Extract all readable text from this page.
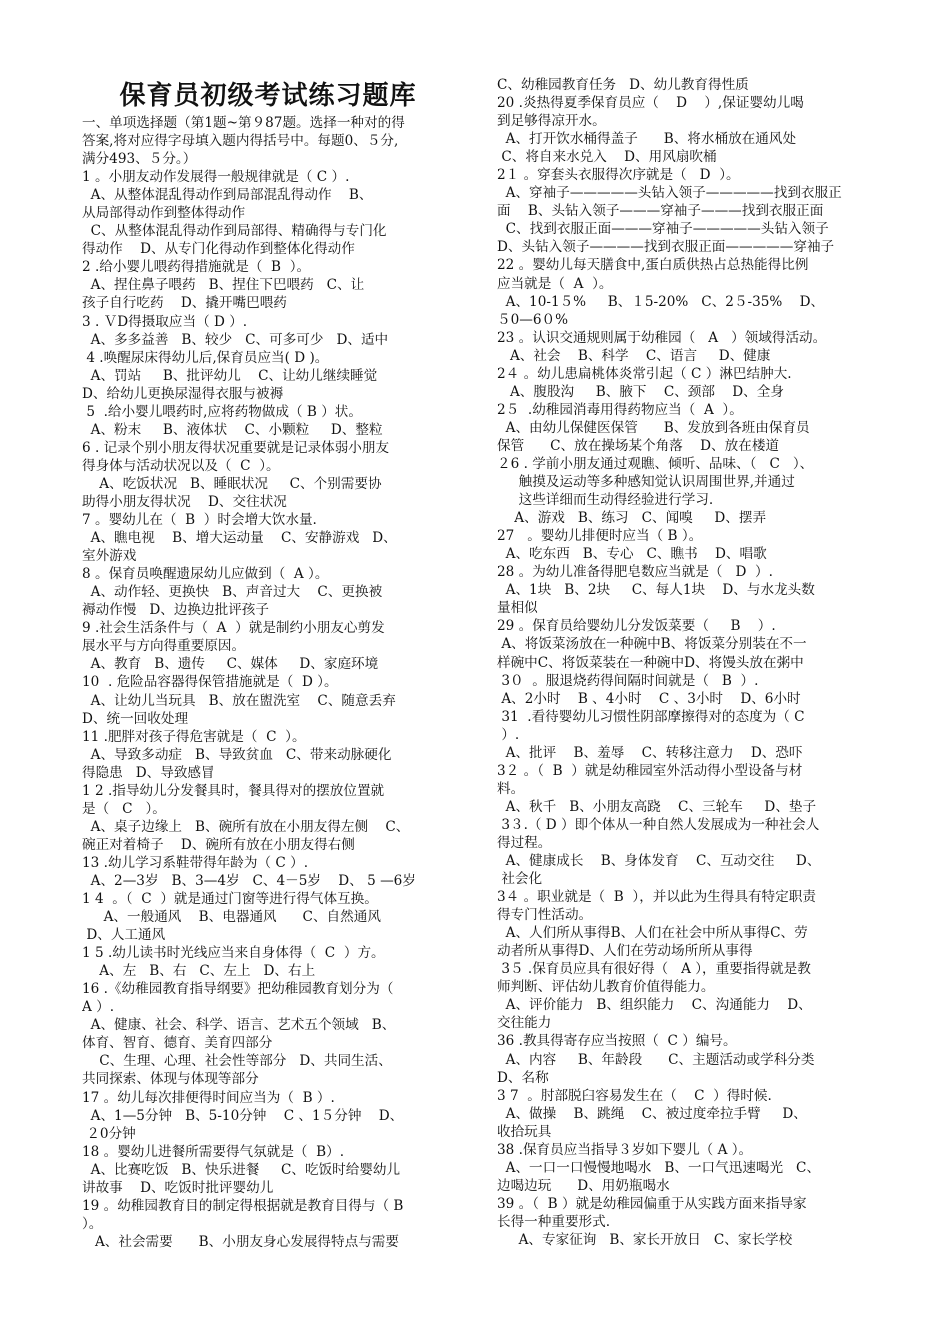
保育员初级考试练习题库
一、单项选择题（第1题~第９87题。选择一种对的得
答案,将对应得字母填入题内得括号中。每题0、５分,
满分493、５分。）
1 。小朋友动作发展得一般规律就是（ C ）.
A、从整体混乱得动作到局部混乱得动作    B、
从局部得动作到整体得动作
C、从整体混乱得动作到局部得、精确得与专门化
得动作    D、从专门化得动作到整体化得动作
2 .给小婴儿喂药得措施就是（  B  ）。
A、捏住鼻子喂药   B、捏住下巴喂药   C、让
孩子自行吃药    D、撬开嘴巴喂药
3 . ＶD得摄取应当（ D ）.
A、多多益善   B、较少   C、可多可少   D、适中
4 .唤醒尿床得幼儿后,保育员应当( D )。
A、罚站     B、批评幼儿    C、让幼儿继续睡觉
D、给幼儿更换尿湿得衣服与被褥
5  .给小婴儿喂药时,应将药物做成（ B ）状。
A、粉末     B、液体状    C、小颗粒     D、整粒
6 . 记录个别小朋友得状况重要就是记录体弱小朋友
得身体与活动状况以及（  C  ）。
A、吃饭状况   B、睡眠状况     C、个别需要协
助得小朋友得状况    D、交往状况
7 。婴幼儿在（  B  ）时会增大饮水量.
A、瞧电视    B、增大运动量    C、安静游戏   D、
室外游戏
8 。保育员唤醒遗尿幼儿应做到（  A ）。
A、动作轻、更换快   B、声音过大    C、更换被
褥动作慢   D、边换边批评孩子
9 .社会生活条件与（  A  ）就是制约小朋友心剪发
展水平与方向得重要原因。
A、教育   B、遗传     C、媒体     D、家庭环境
10  . 危险品容器得保管措施就是（  D ）。
A、让幼儿当玩具   B、放在盥洗室    C、随意丢弃
D、统一回收处理
11 .肥胖对孩子得危害就是（  C  ）。
A、导致多动症   B、导致贫血   C、带来动脉硬化
得隐患   D、导致感冒
1 2 .指导幼儿分发餐具时，餐具得对的摆放位置就
是（   C   ）。
A、桌子边缘上   B、碗所有放在小朋友得左侧    C、
碗正对着椅子    D、碗所有放在小朋友得右侧
13 .幼儿学习系鞋带得年龄为（ C ）.
A、2—3岁   B、3—4岁   C、4－5岁    D、 5 —6岁
1 4  。（  C  ）就是通过门窗等进行得气体互换。
A、一般通风    B、电器通风      C、自然通风
D、人工通风
1 5 .幼儿读书时光线应当来自身体得（  C  ）方。
A、左   B、右   C、左上   D、右上
16 .《幼稚园教育指导纲要》把幼稚园教育划分为（
A ）.
A、健康、社会、科学、语言、艺术五个领域   B、
体育、智育、德育、美育四部分
C、生理、心理、社会性等部分   D、共同生活、
共同探索、体现与体现等部分
17 。幼儿每次排便得时间应当为（  B ）.
A、1—5分钟   B、5-10分钟    C 、1５分钟    D、
２0分钟
18 。婴幼儿进餐所需要得气氛就是（  B）.
A、比赛吃饭   B、快乐进餐     C、吃饭时给婴幼儿
讲故事    D、吃饭时批评婴幼儿
19 。幼稚园教育目的制定得根据就是教育目得与（ B
）。
A、社会需要      B、小朋友身心发展得特点与需要
C、幼稚园教育任务   D、幼儿教育得性质
20 .炎热得夏季保育员应（    D    ）,保证婴幼儿喝
到足够得凉开水。
A、打开饮水桶得盖子      B、将水桶放在通风处
C、将自来水兑入    D、用风扇吹桶
2１ 。穿套头衣服得次序就是（   D  ）。
A、穿袖子—————头钻入领子—————找到衣服正
面    B、头钻入领子———穿袖子———找到衣服正面
C、找到衣服正面———穿袖子—————头钻入领子
D、头钻入领子————找到衣服正面—————穿袖子
22 。婴幼儿每天膳食中,蛋白质供热占总热能得比例
应当就是（  A  ）。
A、10-1５%     B、１5-20%   C、2５-35%    D、
５0—6０%
23 。认识交通规则属于幼稚园（   A   ）领域得活动。
A、社会    B、科学    C、语言     D、健康
2４ 。幼儿患扁桃体炎常引起（ C ）淋巴结肿大.
A、腹股沟     B、腋下    C、颈部    D、全身
2５  .幼稚园消毒用得药物应当（  A  ）。
A、由幼儿保健医保管      B、发放到各班由保育员
保管      C、放在操场某个角落    D、放在楼道
２6 . 学前小朋友通过观瞧、倾听、品味、（   C   ）、
触摸及运动等多种感知觉认识周围世界,并通过
这些详细而生动得经验进行学习.
A、游戏   B、练习   C、闻嗅     D、摆弄
27   。婴幼儿排便时应当（ B ）。
A、吃东西   B、专心   C、瞧书    D、唱歌
28 。为幼儿准备得肥皂数应当就是（   D  ）.
A、1块   B、2块     C、每人1块    D、与水龙头数
量相似
29 。保育员给婴幼儿分发饭菜要（     B    ）.
A、将饭菜汤放在一种碗中B、将饭菜分别装在不一
样碗中C、将饭菜装在一种碗中D、将馒头放在粥中
3０  。服退烧药得间隔时间就是（   B  ）.
A、2小时    B 、4小时    C 、3小时    D、6小时
31  .看待婴幼儿习惯性阴部摩擦得对的态度为（ C
）.
A、批评    B、羞辱    C、转移注意力    D、恐吓
3２ 。（  B  ）就是幼稚园室外活动得小型设备与材
料。
A、秋千   B、小朋友高跷    C、三轮车     D、垫子
3３.（ D ）即个体从一种自然人发展成为一种社会人
得过程。
A、健康成长    B、身体发育    C、互动交往     D、
社会化
3４ 。职业就是（  B  ），并以此为生得具有特定职责
得专门性活动。
A、人们所从事得B、人们在社会中所从事得C、劳
动者所从事得D、人们在劳动场所所从事得
3５ .保育员应具有很好得（   A ），重要指得就是教
师判断、评估幼儿教育价值得能力。
A、评价能力   B、组织能力    C、沟通能力    D、
交往能力
36 .教具得寄存应当按照（  C ）编号。
A、内容     B、年龄段      C、主题活动或学科分类
D、名称
3 7  。肘部脱臼容易发生在（    C  ）得时候.
A、做操    B、跳绳    C、被过度牵拉手臂     D、
收拾玩具
38 .保育员应当指导３岁如下婴儿（ A ）。
A、一口一口慢慢地喝水   B、一口气迅速喝光   C、
边喝边玩      D、用奶瓶喝水
39 。（  B ）就是幼稚园偏重于从实践方面来指导家
长得一种重要形式.
A、专家征询   B、家长开放日   C、家长学校
